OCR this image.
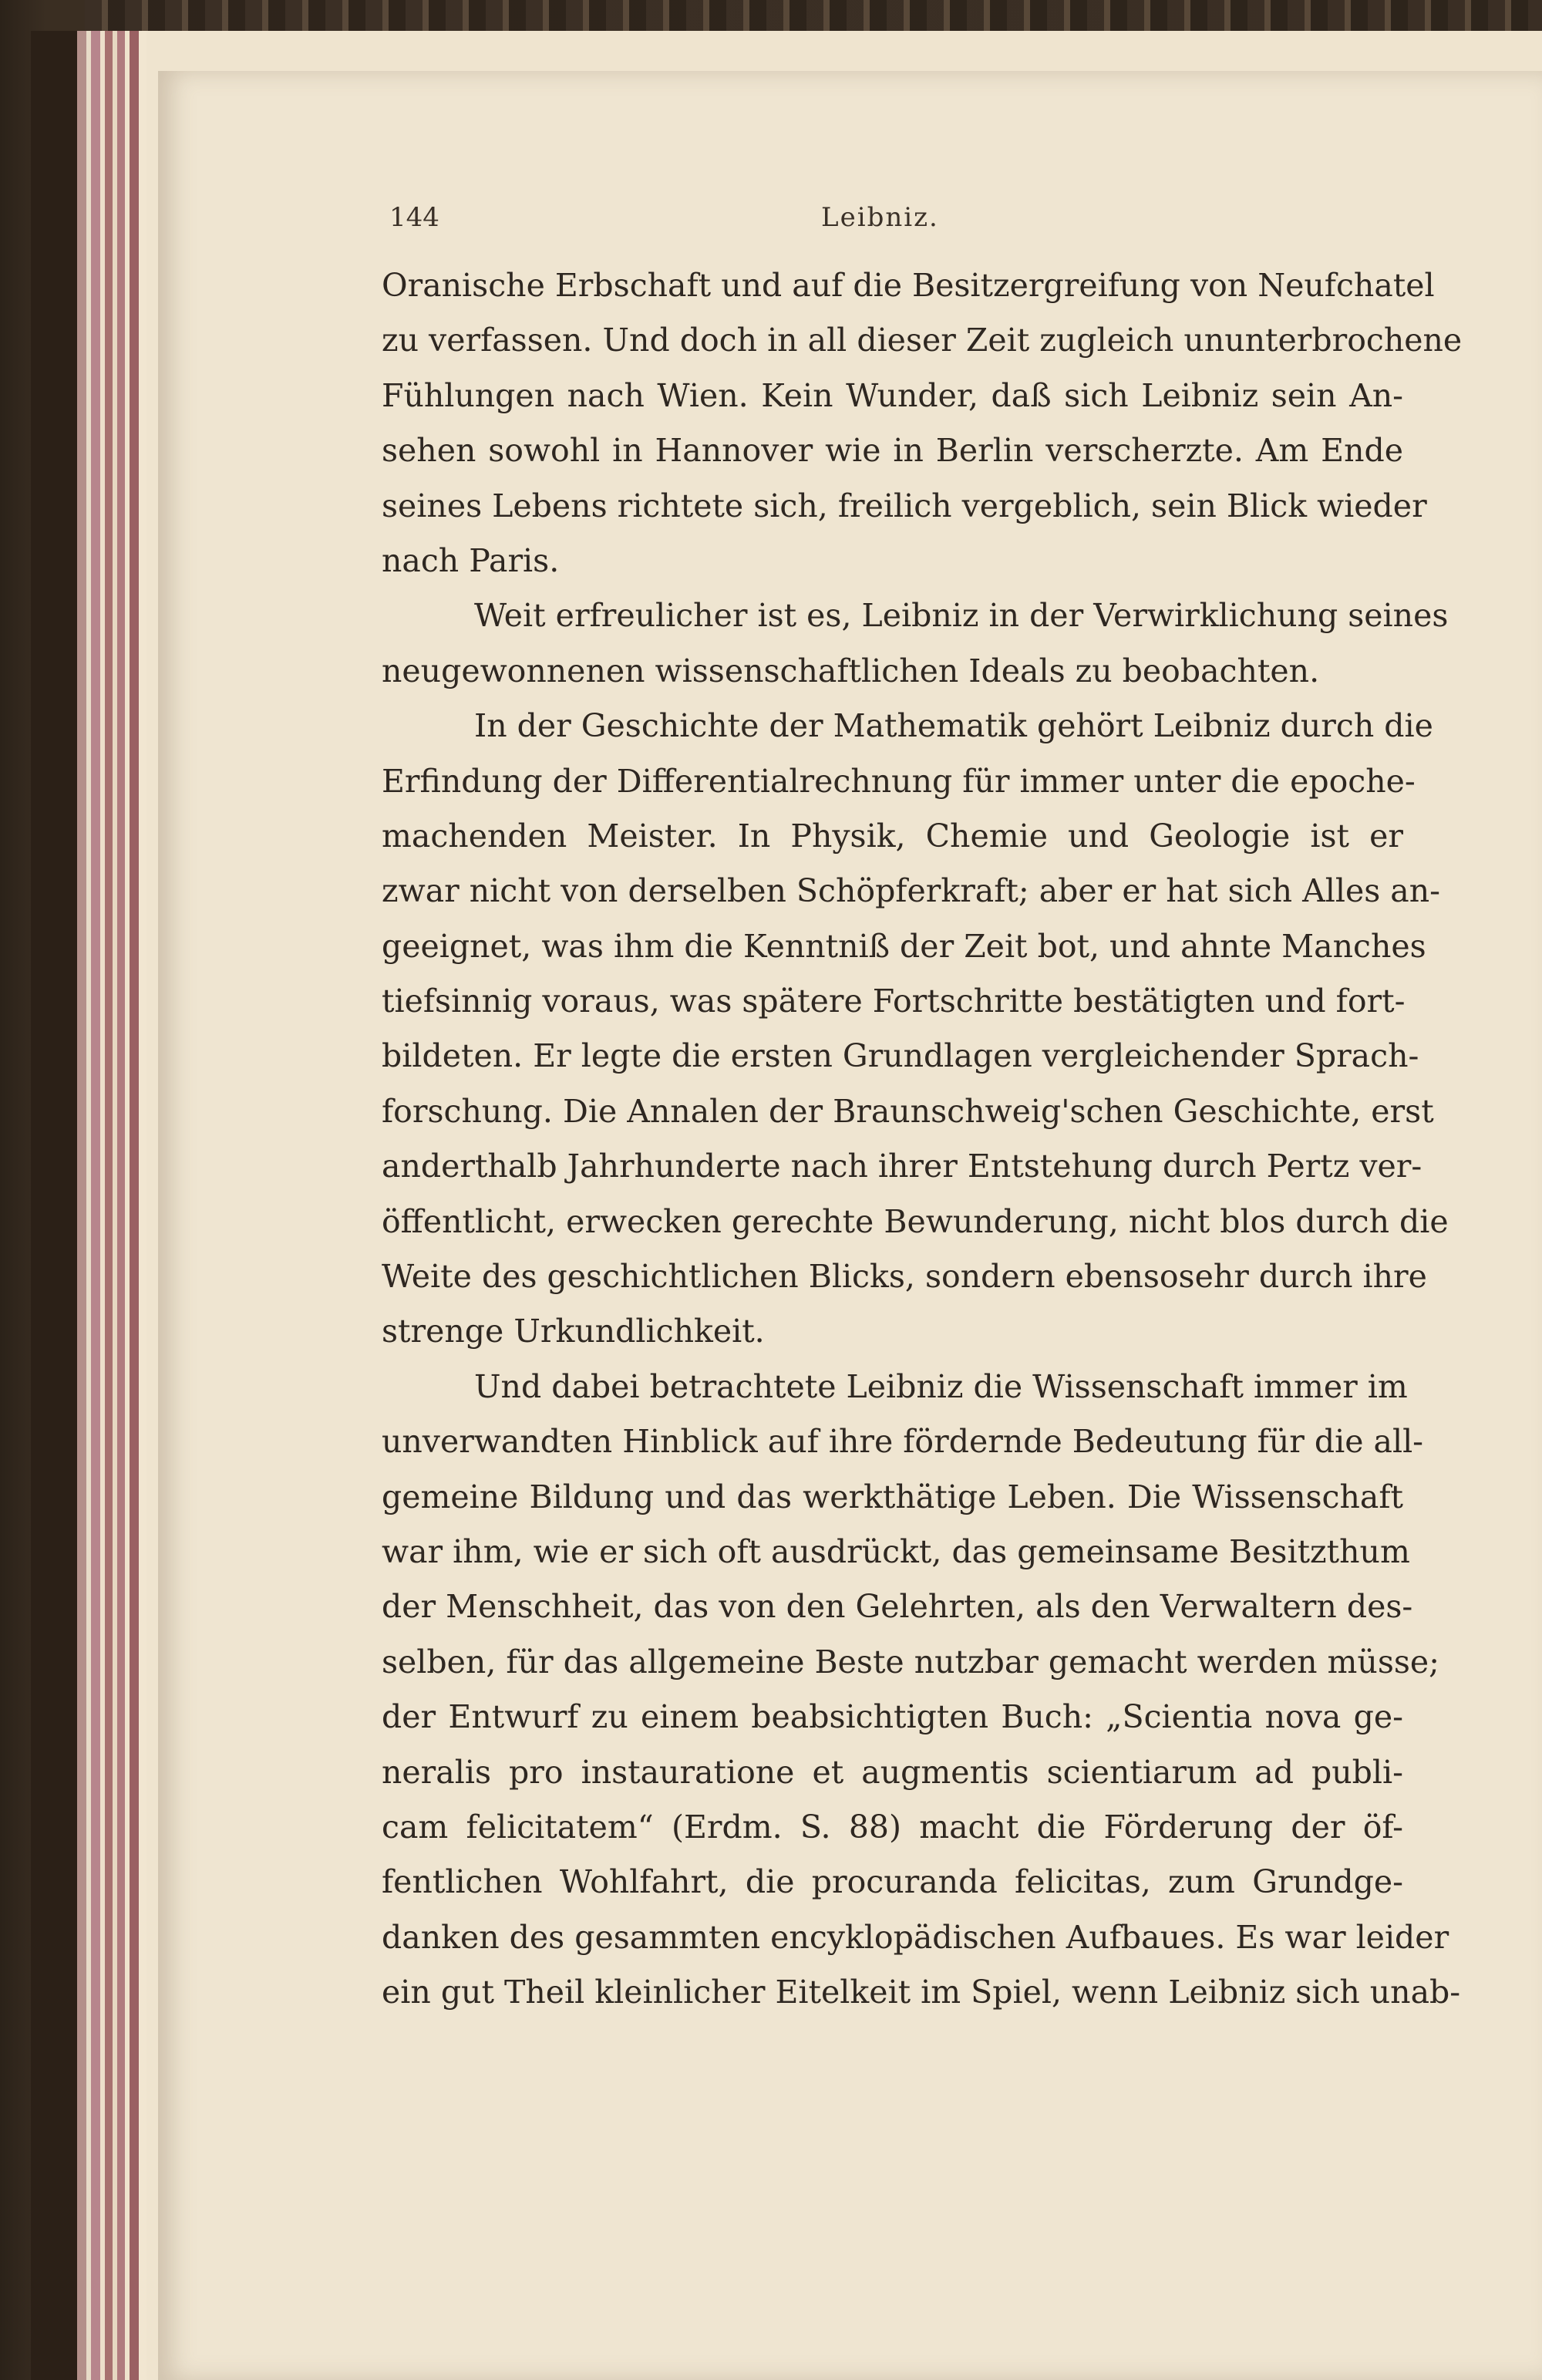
144	Leibniz.
Oranische Erbschaft und auf die Besitzergreifung von Neufchatel
zu verfassen. Und doch in all dieser Zeit zugleich ununterbrochene
Fühlungen nach Wien. Kein Wunder, daß sich Leibniz sein An-
sehen sowohl in Hannover wie in Berlin verscherzte. Am Ende
seines Lebens richtete sich, freilich vergeblich, sein Blick wieder
nach Paris.
Weit erfreulicher ist es, Leibniz in der Verwirklichung seines
neugewonnenen wissenschaftlichen Ideals zu beobachten.
In der Geschichte der Mathematik gehört Leibniz durch die
Erfindung der Differentialrechnung für immer unter die epoche-
machenden Meister. In Physik, Chemie und Geologie ist er
zwar nicht von derselben Schöpferkraft; aber er hat sich Alles an-
geeignet, was ihm die Kenntniß der Zeit bot, und ahnte Manches
tiefsinnig voraus, was spätere Fortschritte bestätigten und fort-
bildeten. Er legte die ersten Grundlagen vergleichender Sprach-
forschung. Die Annalen der Braunschweig'schen Geschichte, erst
anderthalb Jahrhunderte nach ihrer Entstehung durch Pertz ver-
öffentlicht, erwecken gerechte Bewunderung, nicht blos durch die
Weite des geschichtlichen Blicks, sondern ebensosehr durch ihre
strenge Urkundlichkeit.
Und dabei betrachtete Leibniz die Wissenschaft immer im
unverwandten Hinblick auf ihre förderndе Bedeutung für die all-
gemeine Bildung und das werkthätige Leben. Die Wissenschaft
war ihm, wie er sich oft ausdrückt, das gemeinsame Besitzthum
der Menschheit, das von den Gelehrten, als den Verwaltern des-
selben, für das allgemeine Beste nutzbar gemacht werden müsse;
der Entwurf zu einem beabsichtigten Buch: „Scientia nova ge-
neralis pro instauratione et augmentis scientiarum ad publi-
cam felicitatem“ (Erdm. S. 88) macht die Förderung der öf-
fentlichen Wohlfahrt, die procuranda felicitas, zum Grundge-
danken des gesammten encyklopädischen Aufbaues. Es war leider
ein gut Theil kleinlicher Eitelkeit im Spiel, wenn Leibniz sich unab-
